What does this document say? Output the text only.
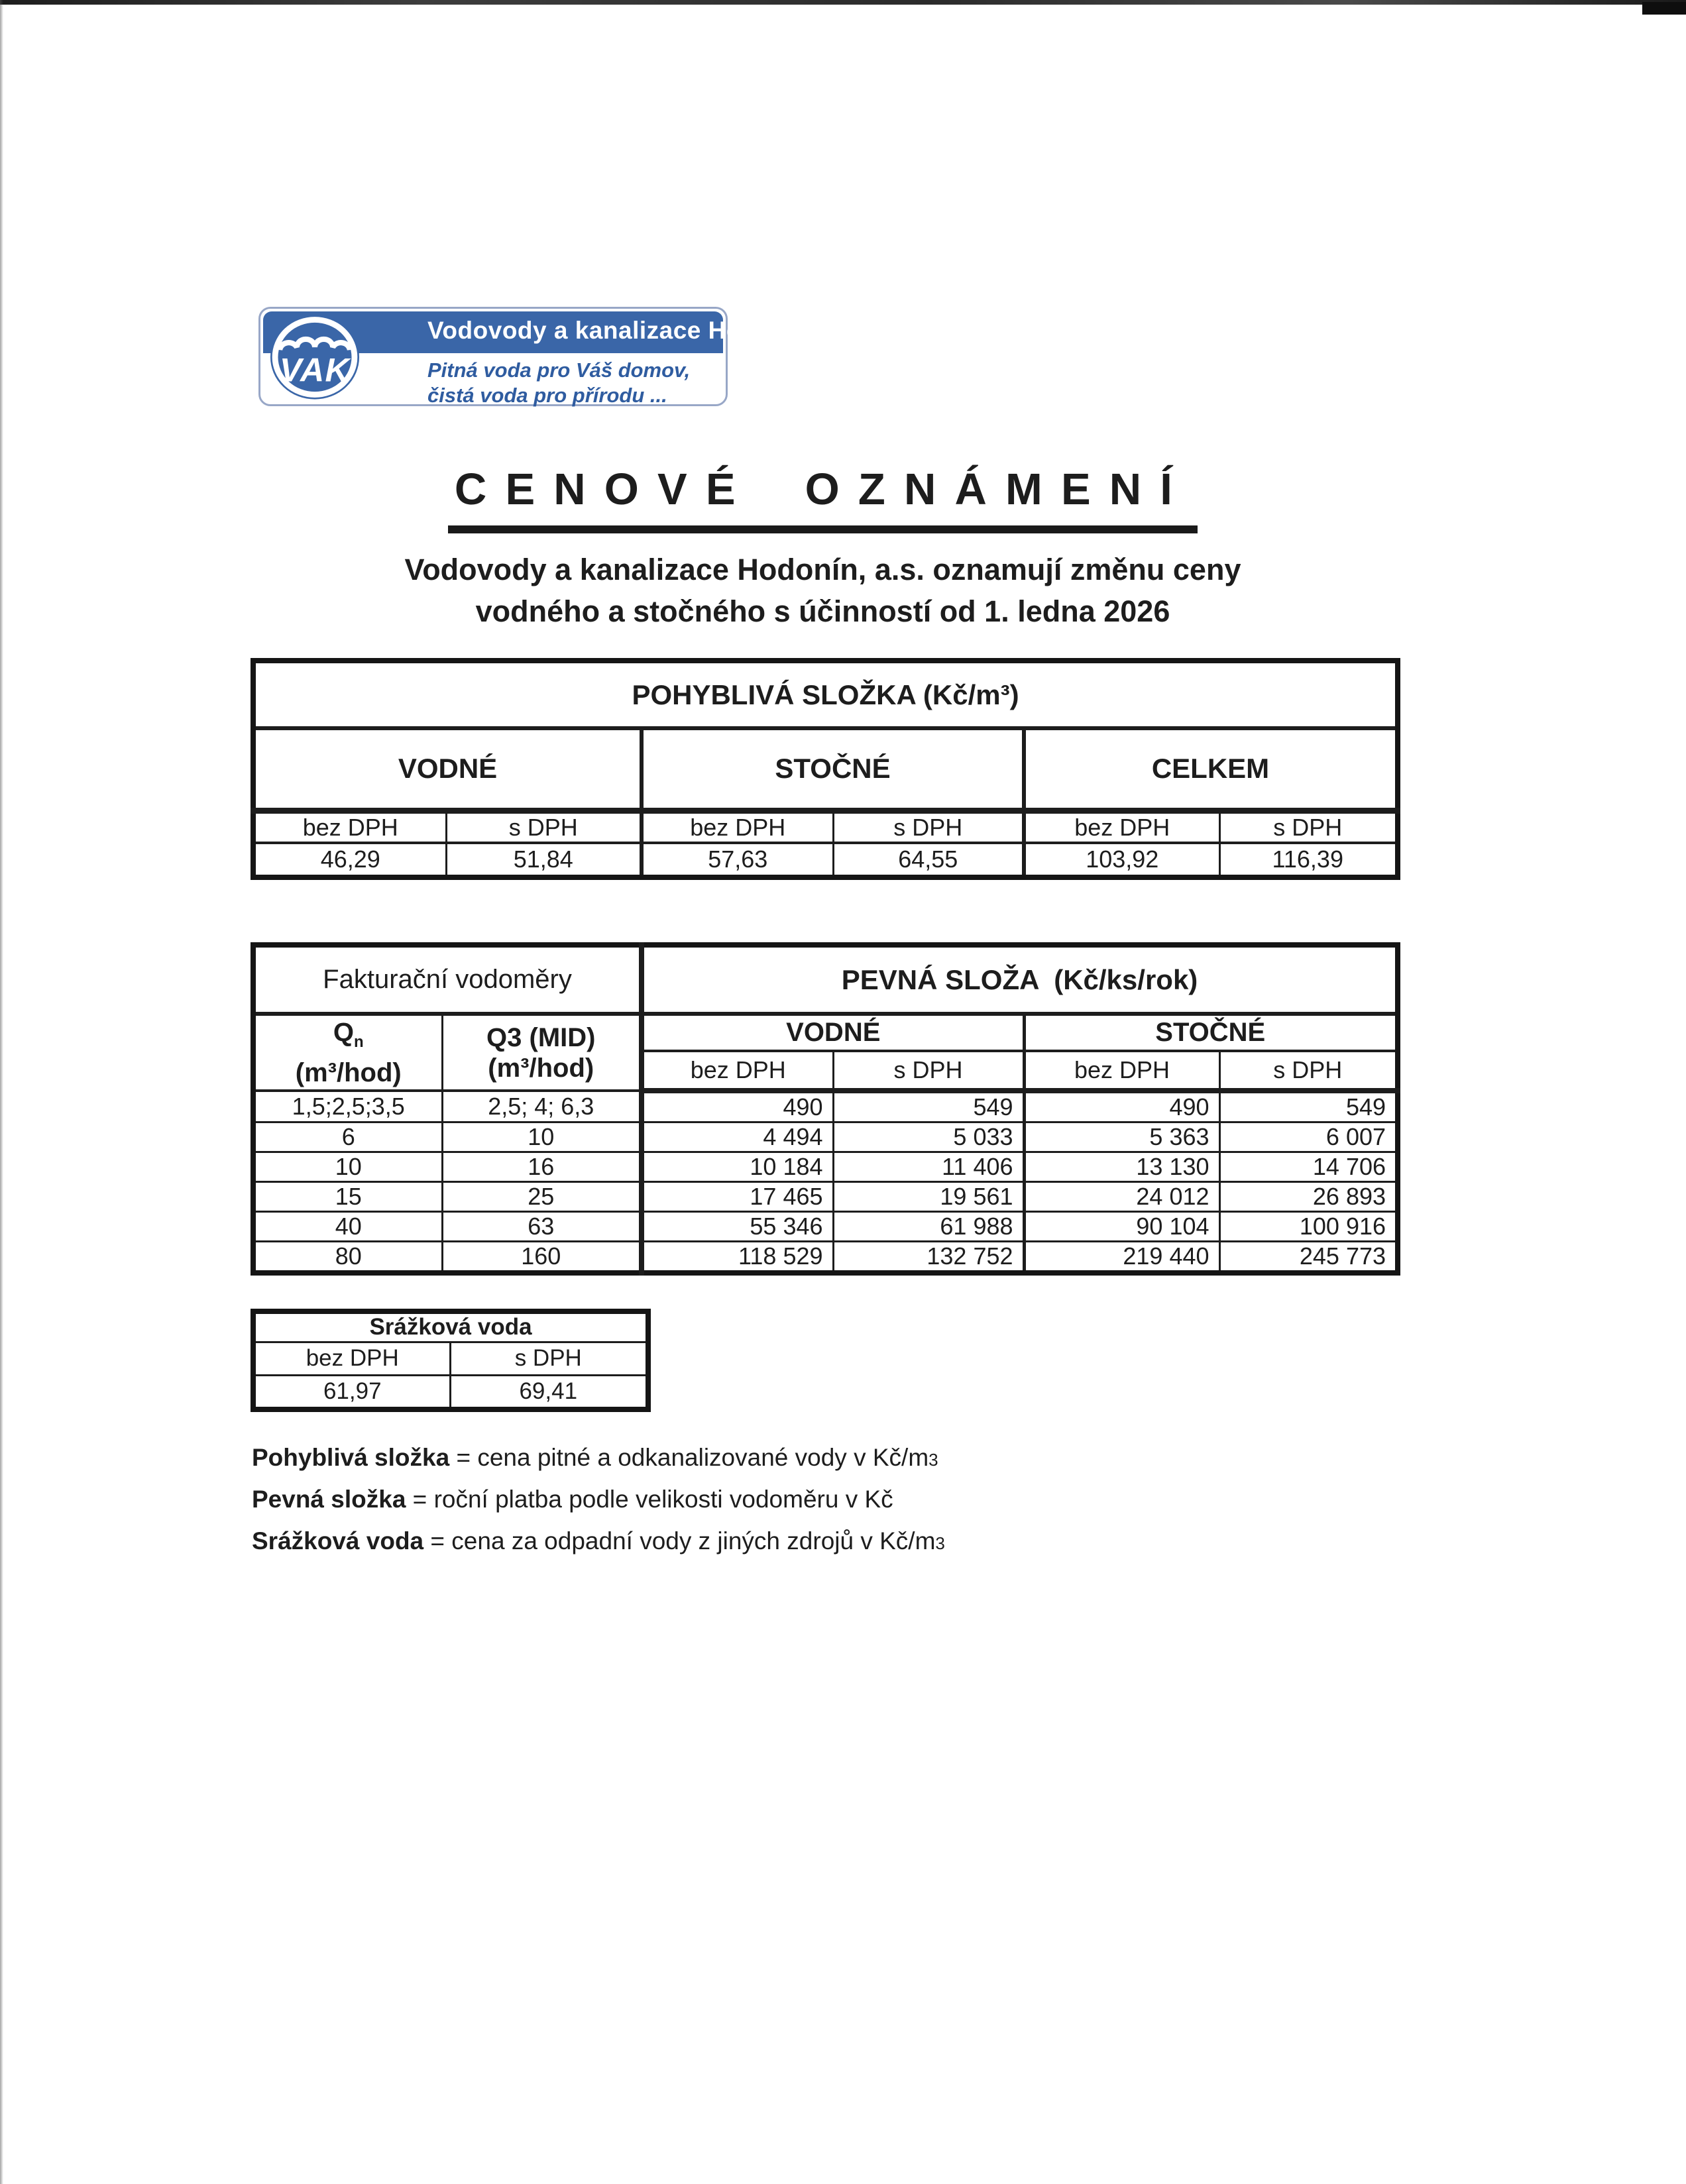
Vodovody a kanalizace Hodonín, a.s.
Pitná voda pro Váš domov,
čistá voda pro přírodu ...
VAK
CENOVÉ OZNÁMENÍ
Vodovody a kanalizace Hodonín, a.s. oznamují změnu ceny
vodného a stočného s účinností od 1. ledna 2026
POHYBLIVÁ SLOŽKA (Kč/m³)					
VODNÉ		STOČNÉ		CELKEM	
bez DPH	s DPH	bez DPH	s DPH	bez DPH	s DPH
46,29	51,84	57,63	64,55	103,92	116,39
Fakturační vodoměry		PEVNÁ SLOŽA  (Kč/ks/rok)			

$Q_n$
(m³/hod)

Q3 (MID)
(m³/hod)
	VODNÉ	STOČNÉ
		bez DPH	s DPH	bez DPH	s DPH
1,5;2,5;3,5	2,5; 4; 6,3	490	549	490	549
6	10	4 494	5 033	5 363	6 007
10	16	10 184	11 406	13 130	14 706
15	25	17 465	19 561	24 012	26 893
40	63	55 346	61 988	90 104	100 916
80	160	118 529	132 752	219 440	245 773
Srážková voda	
bez DPH	s DPH
61,97	69,41
Pohyblivá složka = cena pitné a odkanalizované vody v $Kč/m^3$
Pevná složka = roční platba podle velikosti vodoměru v Kč
Srážková voda = cena za odpadní vody z jiných zdrojů v $Kč/m^3$
